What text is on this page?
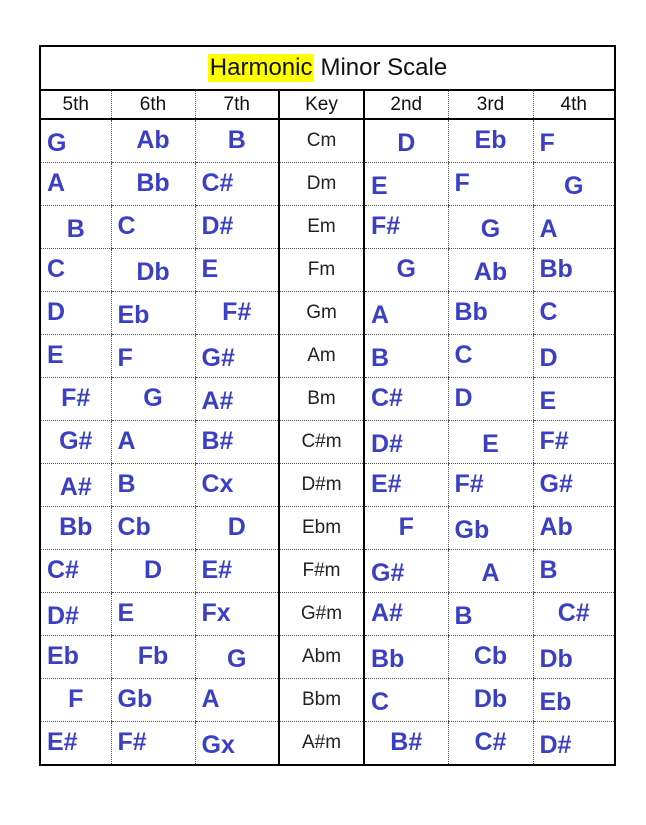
Harmonic Minor Scale
5th	6th	7th	Key	2nd	3rd	4th
G	Ab	B	Cm	D	Eb	F
A	Bb	C#	Dm	E	F	G
B	C	D#	Em	F#	G	A
C	Db	E	Fm	G	Ab	Bb
D	Eb	F#	Gm	A	Bb	C
E	F	G#	Am	B	C	D
F#	G	A#	Bm	C#	D	E
G#	A	B#	C#m	D#	E	F#
A#	B	Cx	D#m	E#	F#	G#
Bb	Cb	D	Ebm	F	Gb	Ab
C#	D	E#	F#m	G#	A	B
D#	E	Fx	G#m	A#	B	C#
Eb	Fb	G	Abm	Bb	Cb	Db
F	Gb	A	Bbm	C	Db	Eb
E#	F#	Gx	A#m	B#	C#	D#
